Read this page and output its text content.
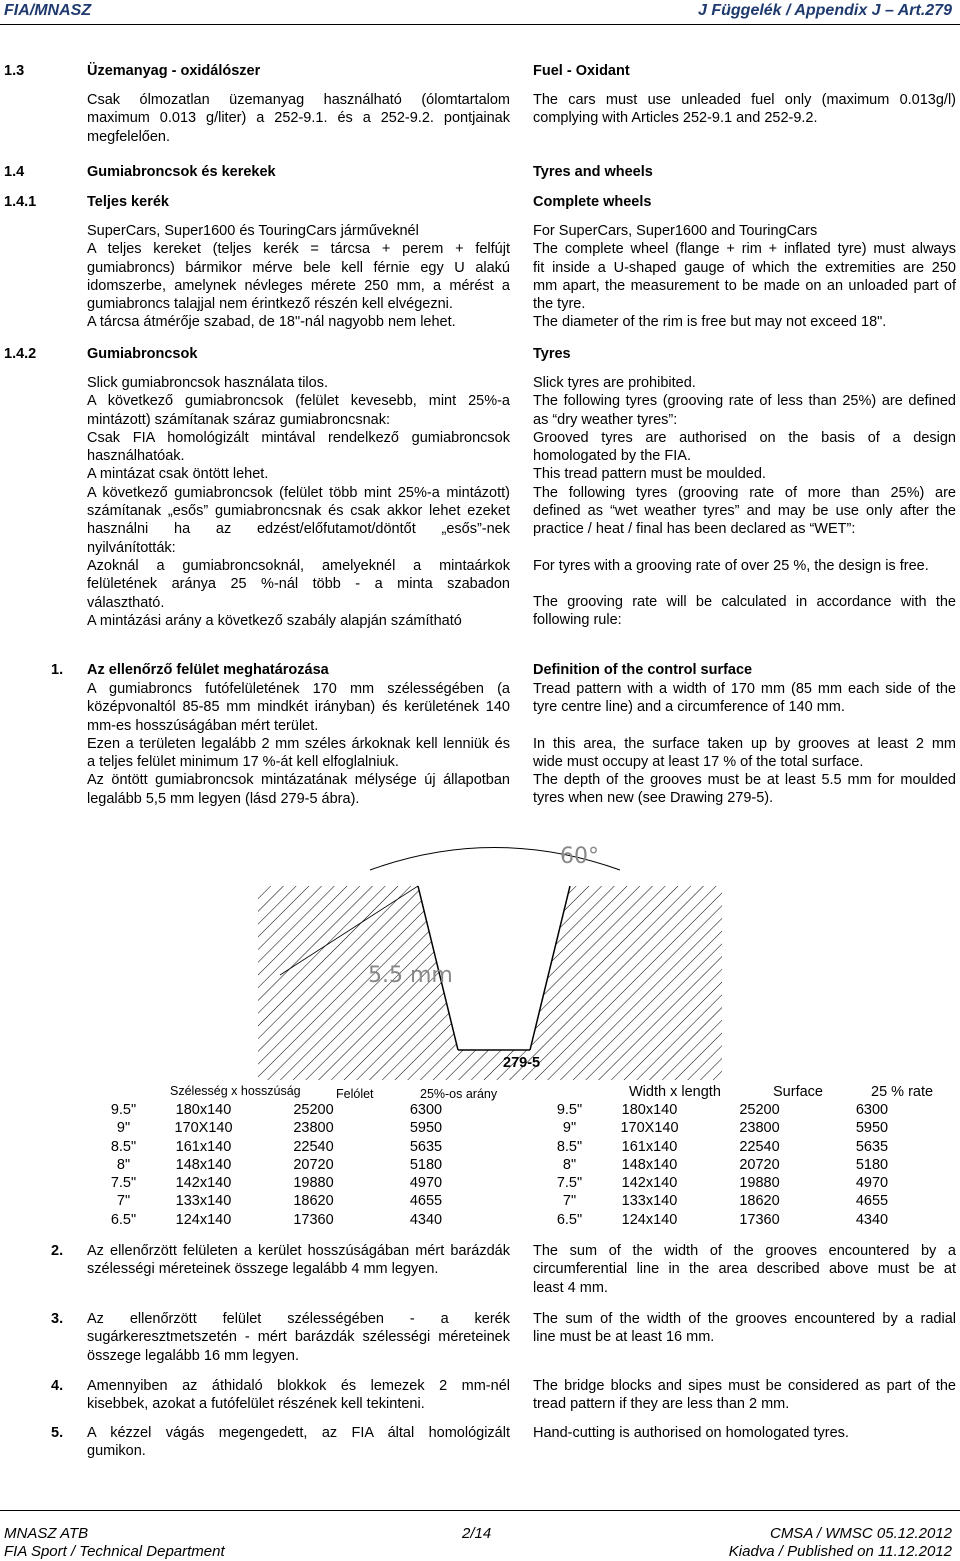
FIA/MNASZ	J Függelék / Appendix J – Art.279
1.3	Üzemanyag - oxidálószer	Fuel - Oxidant
Csak ólmozatlan üzemanyag használható (ólomtartalom
maximum 0.013 g/liter) a 252-9.1. és a 252-9.2. pontjainak
megfelelően.
The cars must use unleaded fuel only (maximum 0.013g/l)
complying with Articles 252-9.1 and 252-9.2.
1.4	Gumiabroncsok és kerekek	Tyres and wheels
1.4.1	Teljes kerék	Complete wheels
SuperCars, Super1600 és TouringCars járműveknél
A teljes kereket (teljes kerék = tárcsa + perem + felfújt
gumiabroncs) bármikor mérve bele kell férnie egy U alakú
idomszerbe, amelynek névleges mérete 250 mm, a mérést a
gumiabroncs talajjal nem érintkező részén kell elvégezni.
A tárcsa átmérője szabad, de 18"-nál nagyobb nem lehet.
For SuperCars, Super1600 and TouringCars
The complete wheel (flange + rim + inflated tyre) must always
fit inside a U-shaped gauge of which the extremities are 250
mm apart, the measurement to be made on an unloaded part of
the tyre.
The diameter of the rim is free but may not exceed 18".
1.4.2	Gumiabroncsok	Tyres
Slick gumiabroncsok használata tilos.
A következő gumiabroncsok (felület kevesebb, mint 25%-a
mintázott) számítanak száraz gumiabroncsnak:
Csak FIA homológizált mintával rendelkező gumiabroncsok
használhatóak.
A mintázat csak öntött lehet.
A következő gumiabroncsok (felület több mint 25%-a mintázott)
számítanak „esős” gumiabroncsnak és csak akkor lehet ezeket
használni ha az edzést/előfutamot/döntőt „esős”-nek
nyilvánították:
Azoknál a gumiabroncsoknál, amelyeknél a mintaárkok
felületének aránya 25 %-nál több - a minta szabadon
választható.
A mintázási arány a következő szabály alapján számítható
Slick tyres are prohibited.
The following tyres (grooving rate of less than 25%) are defined
as “dry weather tyres”:
Grooved tyres are authorised on the basis of a design
homologated by the FIA.
This tread pattern must be moulded.
The following tyres (grooving rate of more than 25%) are
defined as “wet weather tyres” and may be use only after the
practice / heat / final has been declared as “WET”:
For tyres with a grooving rate of over 25 %, the design is free.
The grooving rate will be calculated in accordance with the
following rule:
1. Az ellenőrző felület meghatározása	Definition of the control surface
A gumiabroncs futófelületének 170 mm szélességében (a
középvonaltól 85-85 mm mindkét irányban) és kerületének 140
mm-es hosszúságában mért terület.
Ezen a területen legalább 2 mm széles árkoknak kell lenniük és
a teljes felület minimum 17 %-át kell elfoglalniuk.
Az öntött gumiabroncsok mintázatának mélysége új állapotban
legalább 5,5 mm legyen (lásd 279-5 ábra).
Tread pattern with a width of 170 mm (85 mm each side of the
tyre centre line) and a circumference of 140 mm.
In this area, the surface taken up by grooves at least 2 mm
wide must occupy at least 17 % of the total surface.
The depth of the grooves must be at least 5.5 mm for moulded
tyres when new (see Drawing 279-5).
60°
5.5 mm
279-5
Szélesség x hosszúság	Felólet	25%-os arány
9.5"	180x140	25200	6300
9"	170X140	23800	5950
8.5"	161x140	22540	5635
8"	148x140	20720	5180
7.5"	142x140	19880	4970
7"	133x140	18620	4655
6.5"	124x140	17360	4340
Width x length	Surface	25 % rate
9.5"	180x140	25200	6300
9"	170X140	23800	5950
8.5"	161x140	22540	5635
8"	148x140	20720	5180
7.5"	142x140	19880	4970
7"	133x140	18620	4655
6.5"	124x140	17360	4340
2. Az ellenőrzött felületen a kerület hosszúságában mért barázdák
szélességi méreteinek összege legalább 4 mm legyen.
The sum of the width of the grooves encountered by a
circumferential line in the area described above must be at
least 4 mm.
3. Az ellenőrzött felület szélességében - a kerék
sugárkeresztmetszetén - mért barázdák szélességi méreteinek
összege legalább 16 mm legyen.
The sum of the width of the grooves encountered by a radial
line must be at least 16 mm.
4. Amennyiben az áthidaló blokkok és lemezek 2 mm-nél
kisebbek, azokat a futófelület részének kell tekinteni.
The bridge blocks and sipes must be considered as part of the
tread pattern if they are less than 2 mm.
5. A kézzel vágás megengedett, az FIA által homológizált
gumikon.
Hand-cutting is authorised on homologated tyres.
MNASZ ATB
FIA Sport / Technical Department
2/14	CMSA / WMSC 05.12.2012
Kiadva / Published on 11.12.2012
